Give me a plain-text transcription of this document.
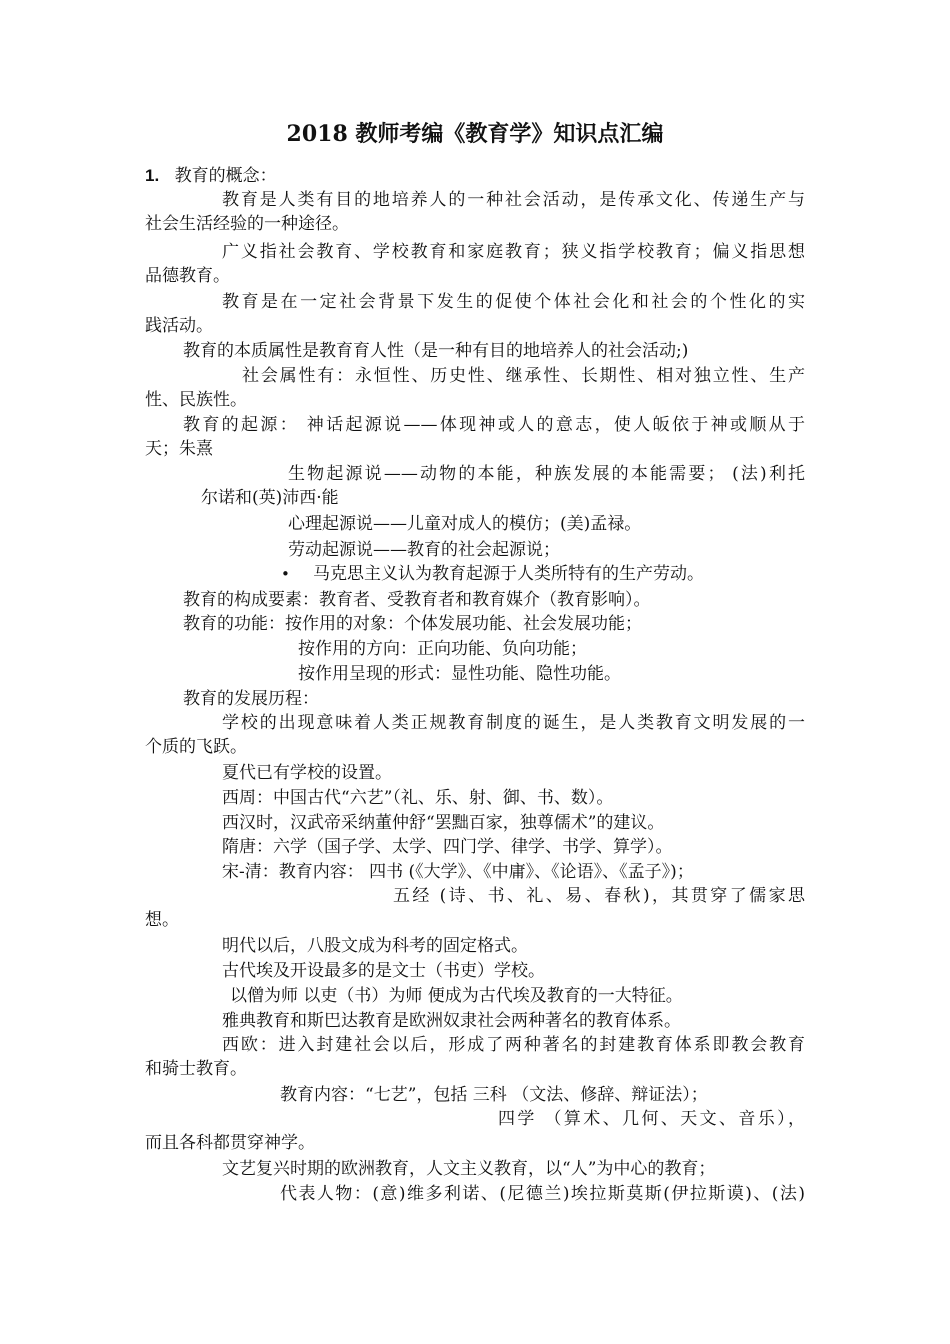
2018 教师考编《教育学》知识点汇编
1. 教育的概念：
教育是人类有目的地培养人的一种社会活动，是传承文化、传递生产与
社会生活经验的一种途径。
广义指社会教育、学校教育和家庭教育；狭义指学校教育；偏义指思想
品德教育。
教育是在一定社会背景下发生的促使个体社会化和社会的个性化的实
践活动。
教育的本质属性是教育育人性（是一种有目的地培养人的社会活动;)
社会属性有：永恒性、历史性、继承性、长期性、相对独立性、生产
性、民族性。
教育的起源： 神话起源说——体现神或人的意志，使人皈依于神或顺从于
天；朱熹
生物起源说——动物的本能，种族发展的本能需要； (法)利托
尔诺和(英)沛西·能
心理起源说——儿童对成人的模仿；(美)孟禄。
劳动起源说——教育的社会起源说；
• 马克思主义认为教育起源于人类所特有的生产劳动。
教育的构成要素：教育者、受教育者和教育媒介（教育影响）。
教育的功能：按作用的对象：个体发展功能、社会发展功能；
按作用的方向：正向功能、负向功能；
按作用呈现的形式：显性功能、隐性功能。
教育的发展历程：
学校的出现意味着人类正规教育制度的诞生，是人类教育文明发展的一
个质的飞跃。
夏代已有学校的设置。
西周：中国古代“六艺”（礼、乐、射、御、书、数）。
西汉时，汉武帝采纳董仲舒“罢黜百家，独尊儒术”的建议。
隋唐：六学（国子学、太学、四门学、律学、书学、算学）。
宋-清：教育内容： 四书 (《大学》、《中庸》、《论语》、《孟子》)；
五经 (诗、书、礼、易、春秋)，其贯穿了儒家思
想。
明代以后，八股文成为科考的固定格式。
古代埃及开设最多的是文士（书吏）学校。
以僧为师 以吏（书）为师 便成为古代埃及教育的一大特征。
雅典教育和斯巴达教育是欧洲奴隶社会两种著名的教育体系。
西欧：进入封建社会以后，形成了两种著名的封建教育体系即教会教育
和骑士教育。
教育内容：“七艺”，包括 三科 （文法、修辞、辩证法）；
四学 （算术、几何、天文、音乐），
而且各科都贯穿神学。
文艺复兴时期的欧洲教育，人文主义教育，以“人”为中心的教育；
代表人物：(意)维多利诺、(尼德兰)埃拉斯莫斯(伊拉斯谟)、(法)
